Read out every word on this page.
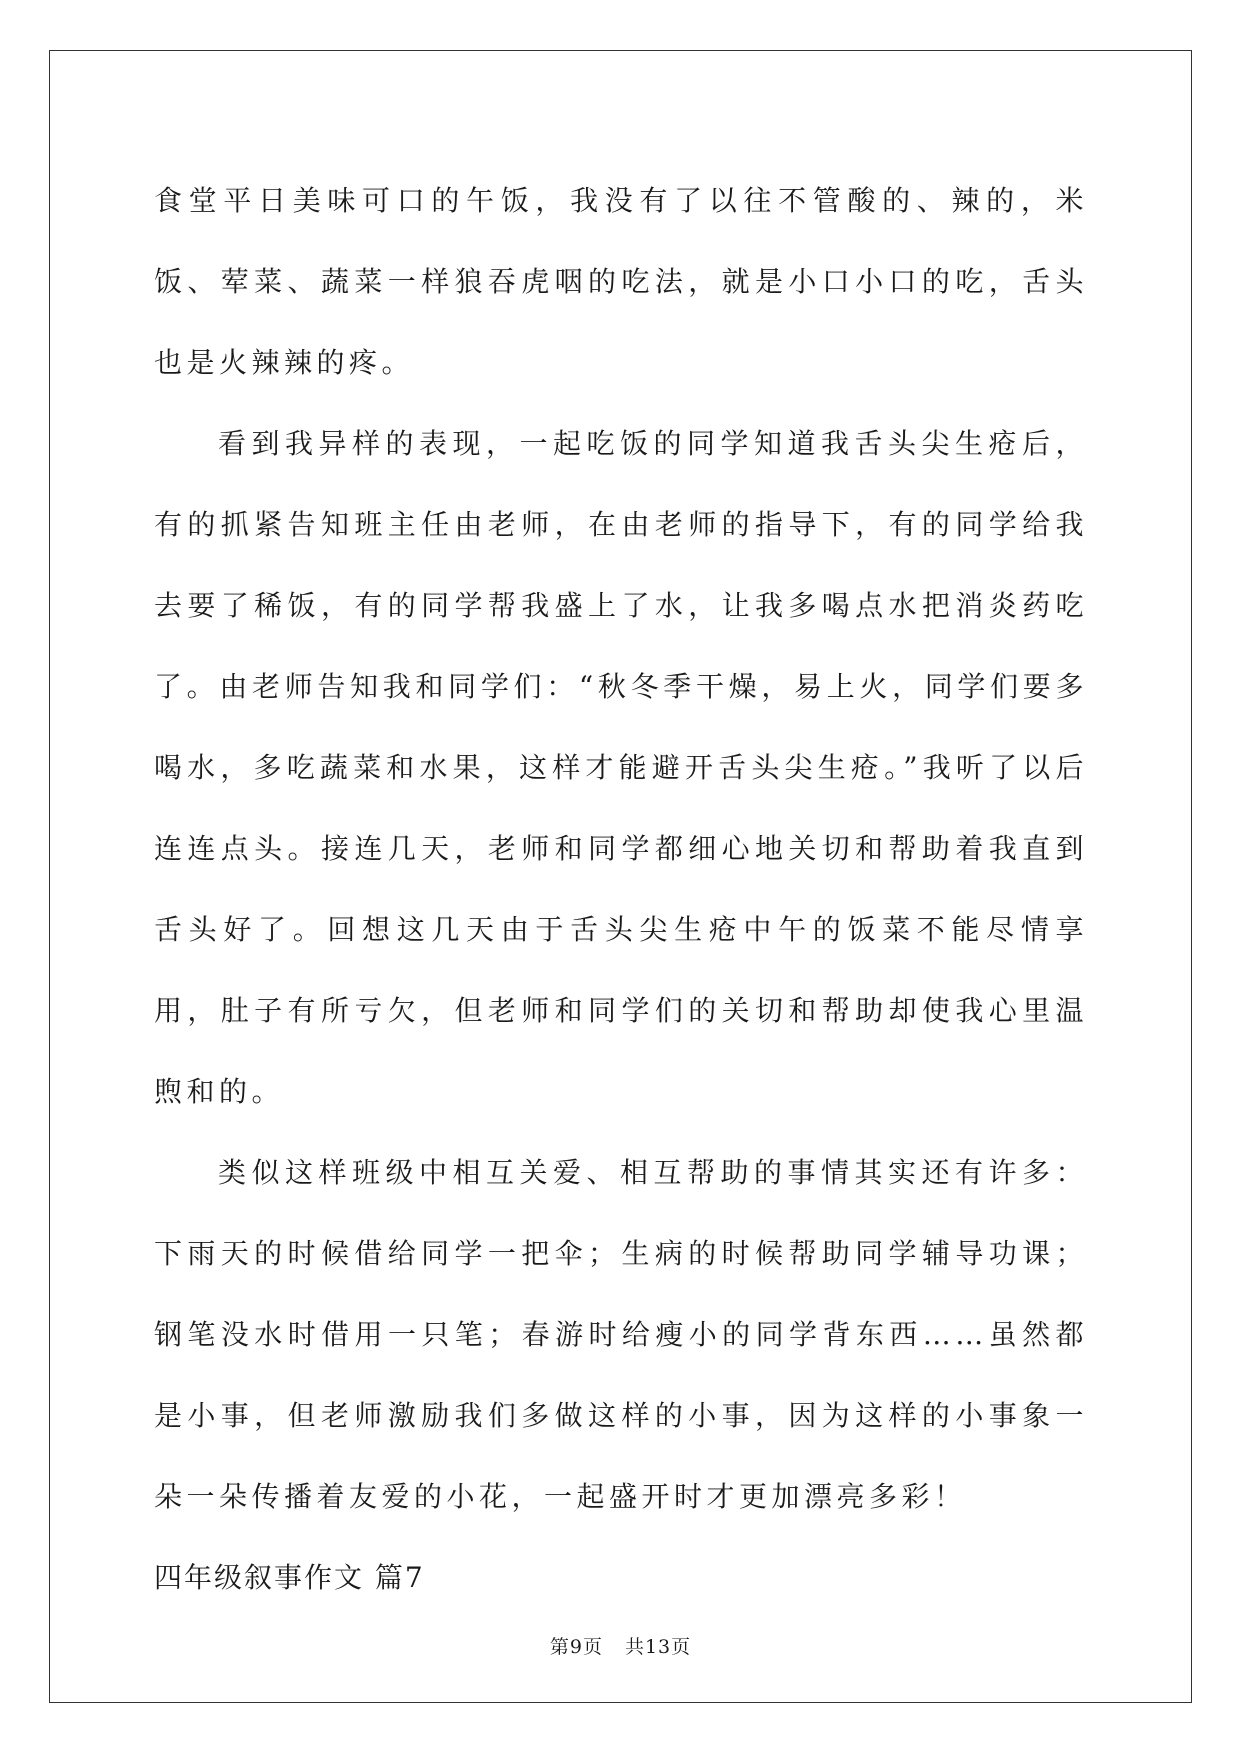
食堂平日美味可口的午饭，我没有了以往不管酸的、辣的，米饭、荤菜、蔬菜一样狼吞虎咽的吃法，就是小口小口的吃，舌头也是火辣辣的疼。

看到我异样的表现，一起吃饭的同学知道我舌头尖生疮后，有的抓紧告知班主任由老师，在由老师的指导下，有的同学给我去要了稀饭，有的同学帮我盛上了水，让我多喝点水把消炎药吃了。由老师告知我和同学们：“秋冬季干燥，易上火，同学们要多喝水，多吃蔬菜和水果，这样才能避开舌头尖生疮。”我听了以后连连点头。接连几天，老师和同学都细心地关切和帮助着我直到舌头好了。回想这几天由于舌头尖生疮中午的饭菜不能尽情享用，肚子有所亏欠，但老师和同学们的关切和帮助却使我心里温煦和的。

类似这样班级中相互关爱、相互帮助的事情其实还有许多：下雨天的时候借给同学一把伞；生病的时候帮助同学辅导功课；钢笔没水时借用一只笔；春游时给瘦小的同学背东西……虽然都是小事，但老师激励我们多做这样的小事，因为这样的小事象一朵一朵传播着友爱的小花，一起盛开时才更加漂亮多彩！

四年级叙事作文 篇7

第9页 共13页
